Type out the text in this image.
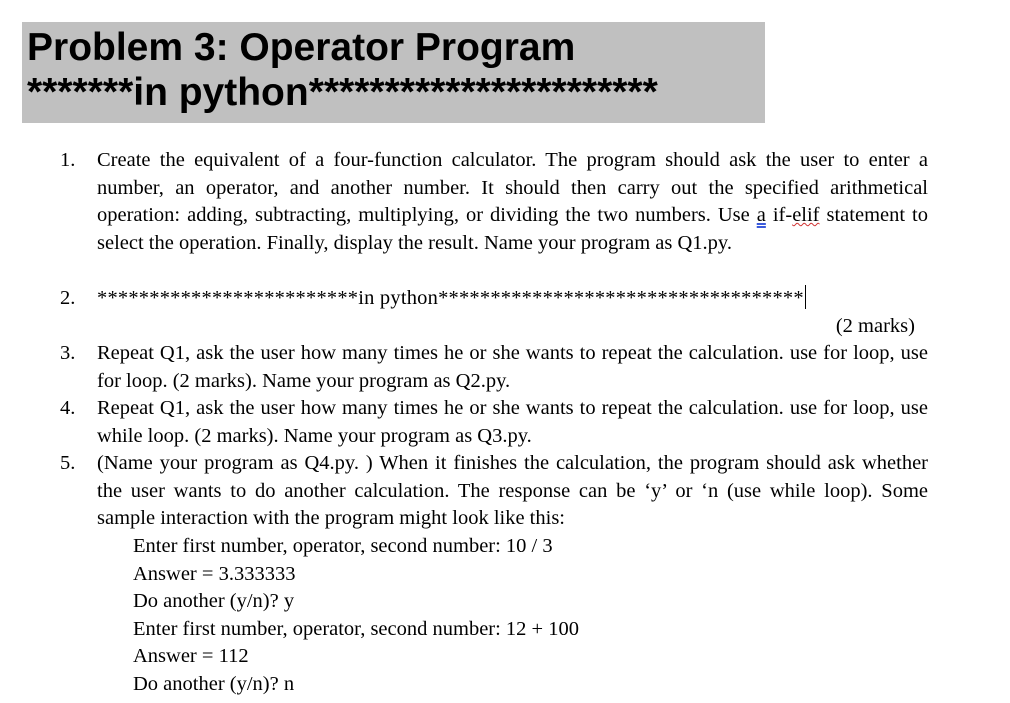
Problem 3: Operator Program
*******in python***********************
1.	Create the equivalent of a four-function calculator. The program should ask the user to enter a number, an operator, and another number. It should then carry out the specified arithmetical operation: adding, subtracting, multiplying, or dividing the two numbers. Use a if-elif statement to select the operation. Finally, display the result. Name your program as Q1.py.
2.	*************************in python***********************************
(2 marks)
3.	Repeat Q1, ask the user how many times he or she wants to repeat the calculation. use for loop, use for loop. (2 marks). Name your program as Q2.py.
4.	Repeat Q1, ask the user how many times he or she wants to repeat the calculation. use for loop, use while loop. (2 marks). Name your program as Q3.py.
5.	(Name your program as Q4.py. ) When it finishes the calculation, the program should ask whether the user wants to do another calculation. The response can be ‘y’ or ‘n (use while loop). Some sample interaction with the program might look like this:
Enter first number, operator, second number: 10 / 3
Answer = 3.333333
Do another (y/n)? y
Enter first number, operator, second number: 12 + 100
Answer = 112
Do another (y/n)? n
